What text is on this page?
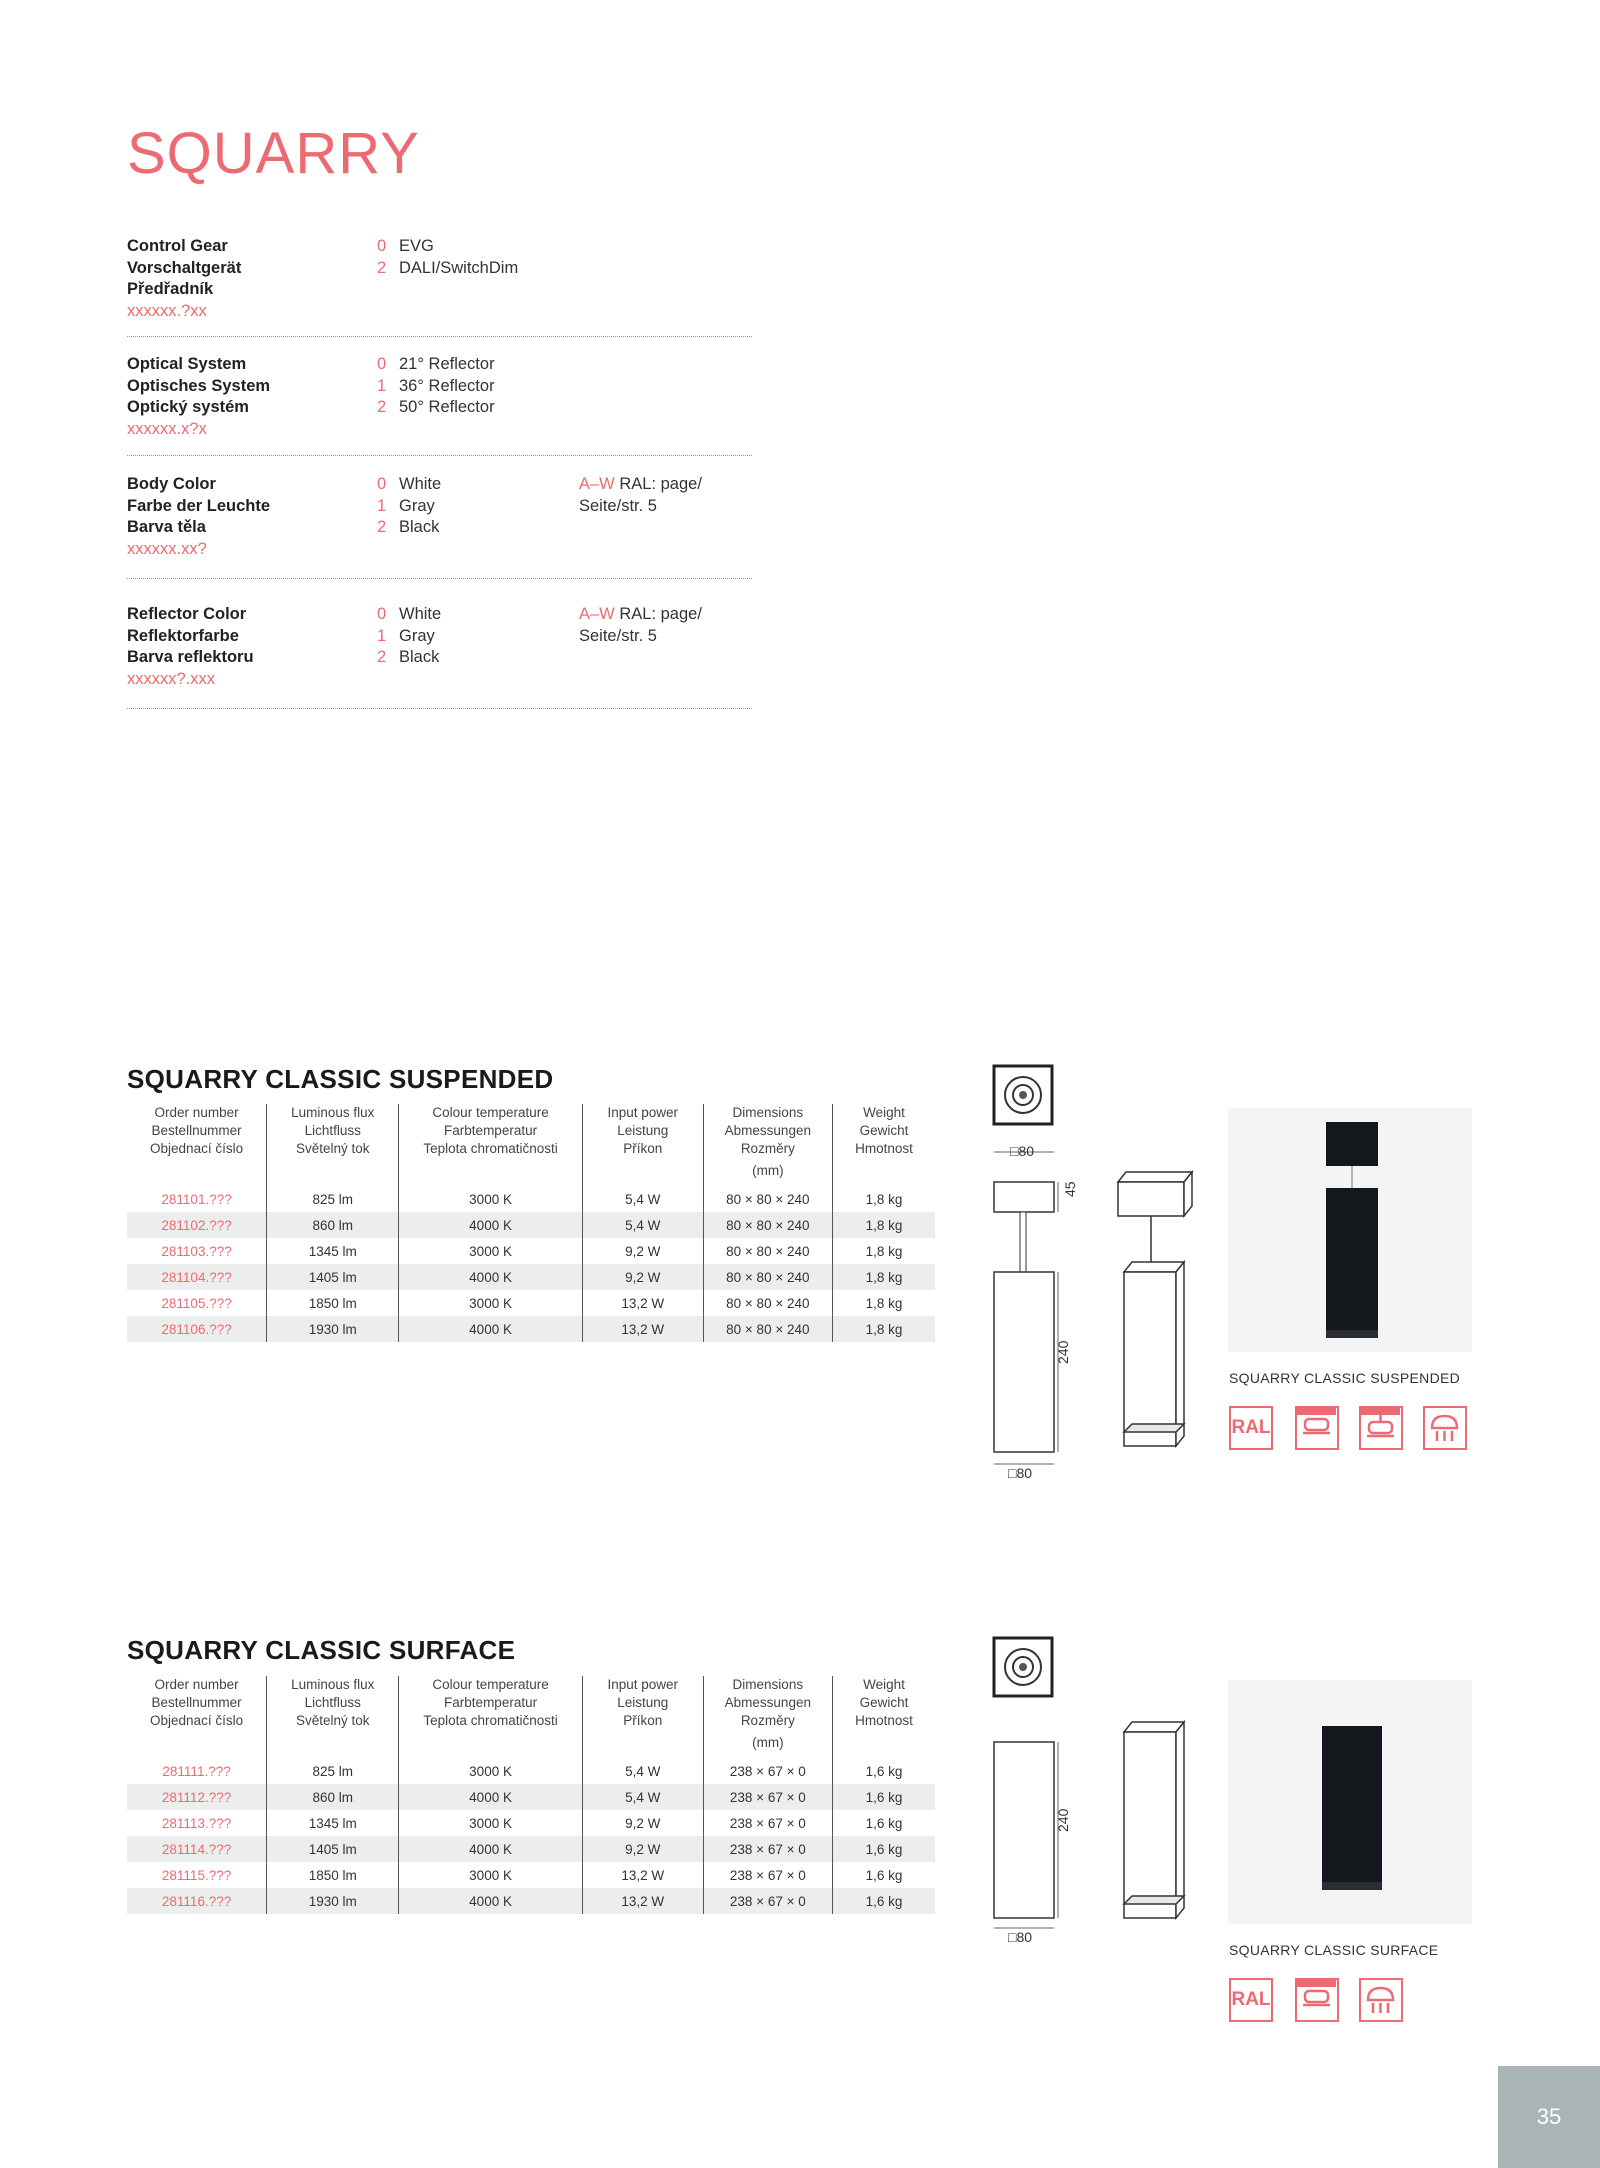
SQUARRY
Control Gear
Vorschaltgerät
Předřadník
xxxxxx.?xx
0 EVG
2 DALI/SwitchDim
Optical System
Optisches System
Optický systém
xxxxxx.x?x
0 21° Reflector
1 36° Reflector
2 50° Reflector
Body Color
Farbe der Leuchte
Barva těla
xxxxxx.xx?
0 White
1 Gray
2 Black
A–W RAL: page/
Seite/str. 5
Reflector Color
Reflektorfarbe
Barva reflektoru
xxxxxx?.xxx
0 White
1 Gray
2 Black
A–W RAL: page/
Seite/str. 5
SQUARRY CLASSIC SUSPENDED
Order number
Bestellnummer
Objednací číslo	Luminous flux
Lichtfluss
Světelný tok	Colour temperature
Farbtemperatur
Teplota chromatičnosti	Input power
Leistung
Příkon	Dimensions
Abmessungen
Rozměry
(mm)	Weight
Gewicht
Hmotnost

281101.???	825 lm	3000 K	5,4 W	80 × 80 × 240	1,8 kg
281102.???	860 lm	4000 K	5,4 W	80 × 80 × 240	1,8 kg
281103.???	1345 lm	3000 K	9,2 W	80 × 80 × 240	1,8 kg
281104.???	1405 lm	4000 K	9,2 W	80 × 80 × 240	1,8 kg
281105.???	1850 lm	3000 K	13,2 W	80 × 80 × 240	1,8 kg
281106.???	1930 lm	4000 K	13,2 W	80 × 80 × 240	1,8 kg
□80
45
240
□80
SQUARRY CLASSIC SUSPENDED
RAL
SQUARRY CLASSIC SURFACE
Order number
Bestellnummer
Objednací číslo	Luminous flux
Lichtfluss
Světelný tok	Colour temperature
Farbtemperatur
Teplota chromatičnosti	Input power
Leistung
Příkon	Dimensions
Abmessungen
Rozměry
(mm)	Weight
Gewicht
Hmotnost

281111.???	825 lm	3000 K	5,4 W	238 × 67 × 0	1,6 kg
281112.???	860 lm	4000 K	5,4 W	238 × 67 × 0	1,6 kg
281113.???	1345 lm	3000 K	9,2 W	238 × 67 × 0	1,6 kg
281114.???	1405 lm	4000 K	9,2 W	238 × 67 × 0	1,6 kg
281115.???	1850 lm	3000 K	13,2 W	238 × 67 × 0	1,6 kg
281116.???	1930 lm	4000 K	13,2 W	238 × 67 × 0	1,6 kg
240
□80
SQUARRY CLASSIC SURFACE
RAL
35
